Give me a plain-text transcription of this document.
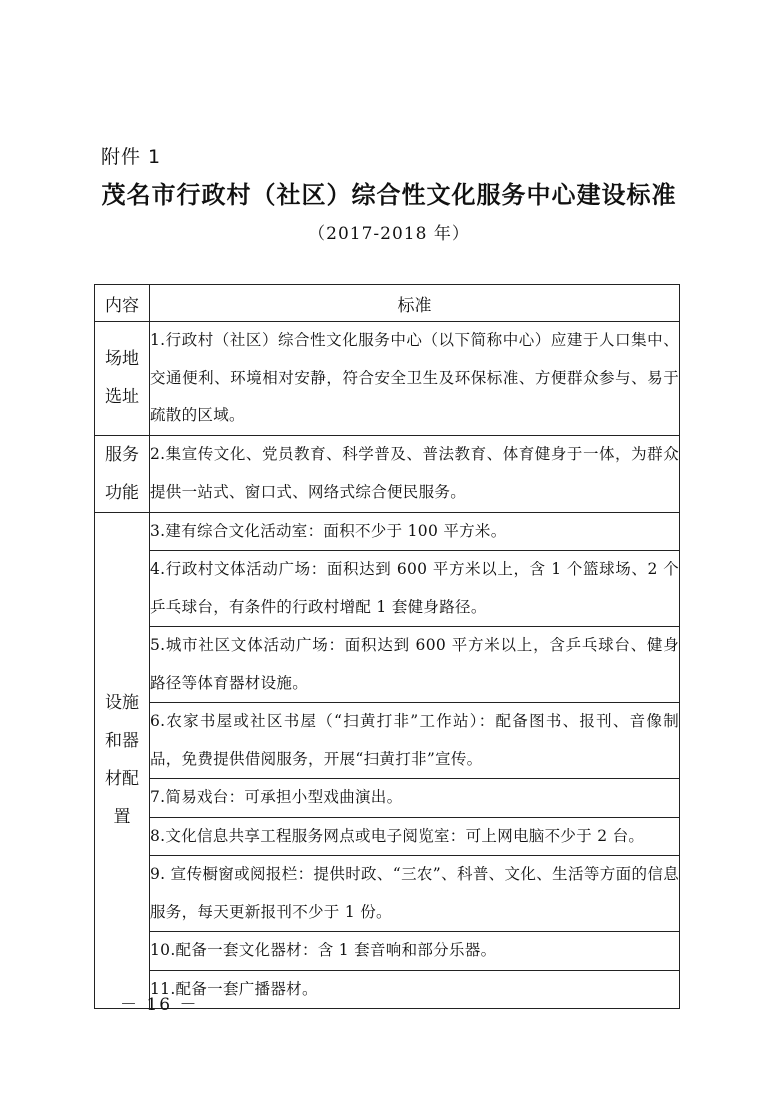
附件 1
茂名市行政村（社区）综合性文化服务中心建设标准
（2017-2018 年）
内容	标准

场地选址	1.行政村（社区）综合性文化服务中心（以下简称中心）应建于人口集中、交通便利、环境相对安静，符合安全卫生及环保标准、方便群众参与、易于疏散的区域。

服务功能	2.集宣传文化、党员教育、科学普及、普法教育、体育健身于一体，为群众提供一站式、窗口式、网络式综合便民服务。

设施和器材配置	3.建有综合文化活动室：面积不少于 100 平方米。
	4.行政村文体活动广场：面积达到 600 平方米以上，含 1 个篮球场、2 个乒乓球台，有条件的行政村增配 1 套健身路径。
	5.城市社区文体活动广场：面积达到 600 平方米以上，含乒乓球台、健身路径等体育器材设施。
	6.农家书屋或社区书屋（“扫黄打非”工作站）：配备图书、报刊、音像制品，免费提供借阅服务，开展“扫黄打非”宣传。
	7.简易戏台：可承担小型戏曲演出。
	8.文化信息共享工程服务网点或电子阅览室：可上网电脑不少于 2 台。
	9. 宣传橱窗或阅报栏：提供时政、“三农”、科普、文化、生活等方面的信息服务，每天更新报刊不少于 1 份。
	10.配备一套文化器材：含 1 套音响和部分乐器。
	11.配备一套广播器材。
－ 16 －
